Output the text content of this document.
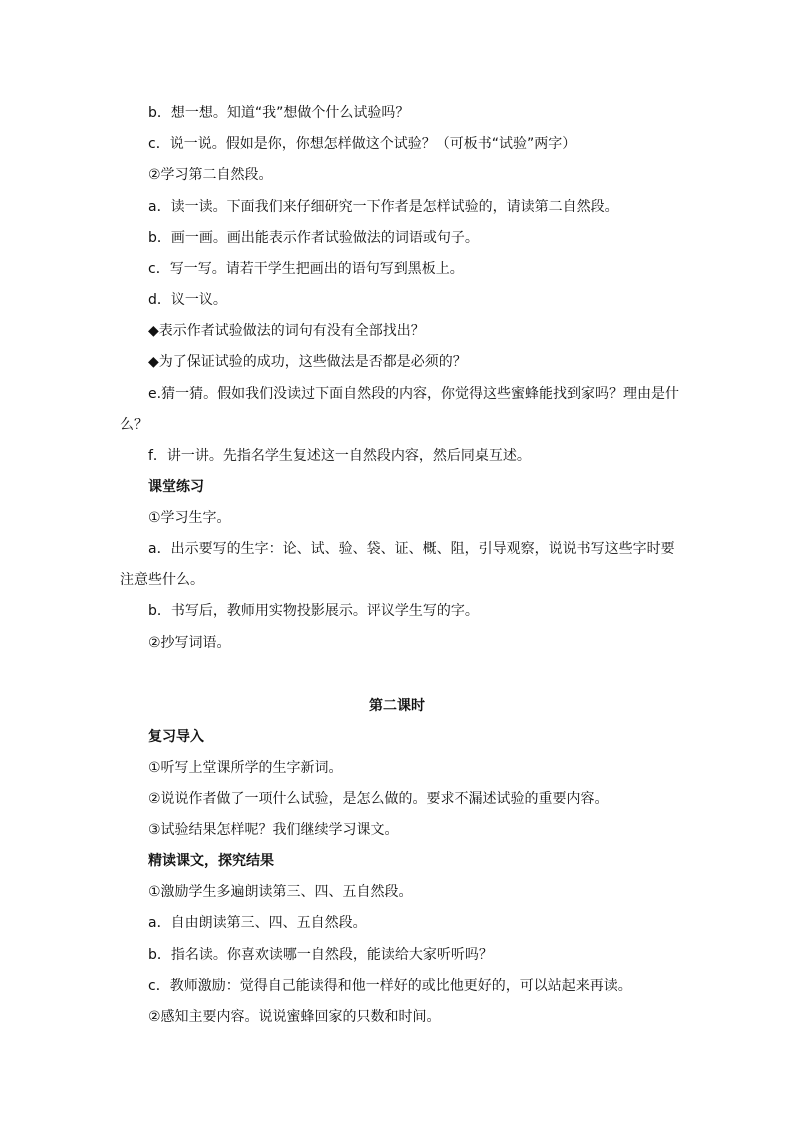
b．想一想。知道“我”想做个什么试验吗？
c．说一说。假如是你，你想怎样做这个试验？（可板书“试验”两字）
②学习第二自然段。
a．读一读。下面我们来仔细研究一下作者是怎样试验的，请读第二自然段。
b．画一画。画出能表示作者试验做法的词语或句子。
c．写一写。请若干学生把画出的语句写到黑板上。
d．议一议。
◆表示作者试验做法的词句有没有全部找出？
◆为了保证试验的成功，这些做法是否都是必须的？
e.猜一猜。假如我们没读过下面自然段的内容，你觉得这些蜜蜂能找到家吗？理由是什
么？
f．讲一讲。先指名学生复述这一自然段内容，然后同桌互述。
课堂练习
①学习生字。
a．出示要写的生字：论、试、验、袋、证、概、阻，引导观察，说说书写这些字时要
注意些什么。
b．书写后，教师用实物投影展示。评议学生写的字。
②抄写词语。
第二课时
复习导入
①听写上堂课所学的生字新词。
②说说作者做了一项什么试验，是怎么做的。要求不漏述试验的重要内容。
③试验结果怎样呢？我们继续学习课文。
精读课文，探究结果
①激励学生多遍朗读第三、四、五自然段。
a．自由朗读第三、四、五自然段。
b．指名读。你喜欢读哪一自然段，能读给大家听听吗？
c．教师激励：觉得自己能读得和他一样好的或比他更好的，可以站起来再读。
②感知主要内容。说说蜜蜂回家的只数和时间。
